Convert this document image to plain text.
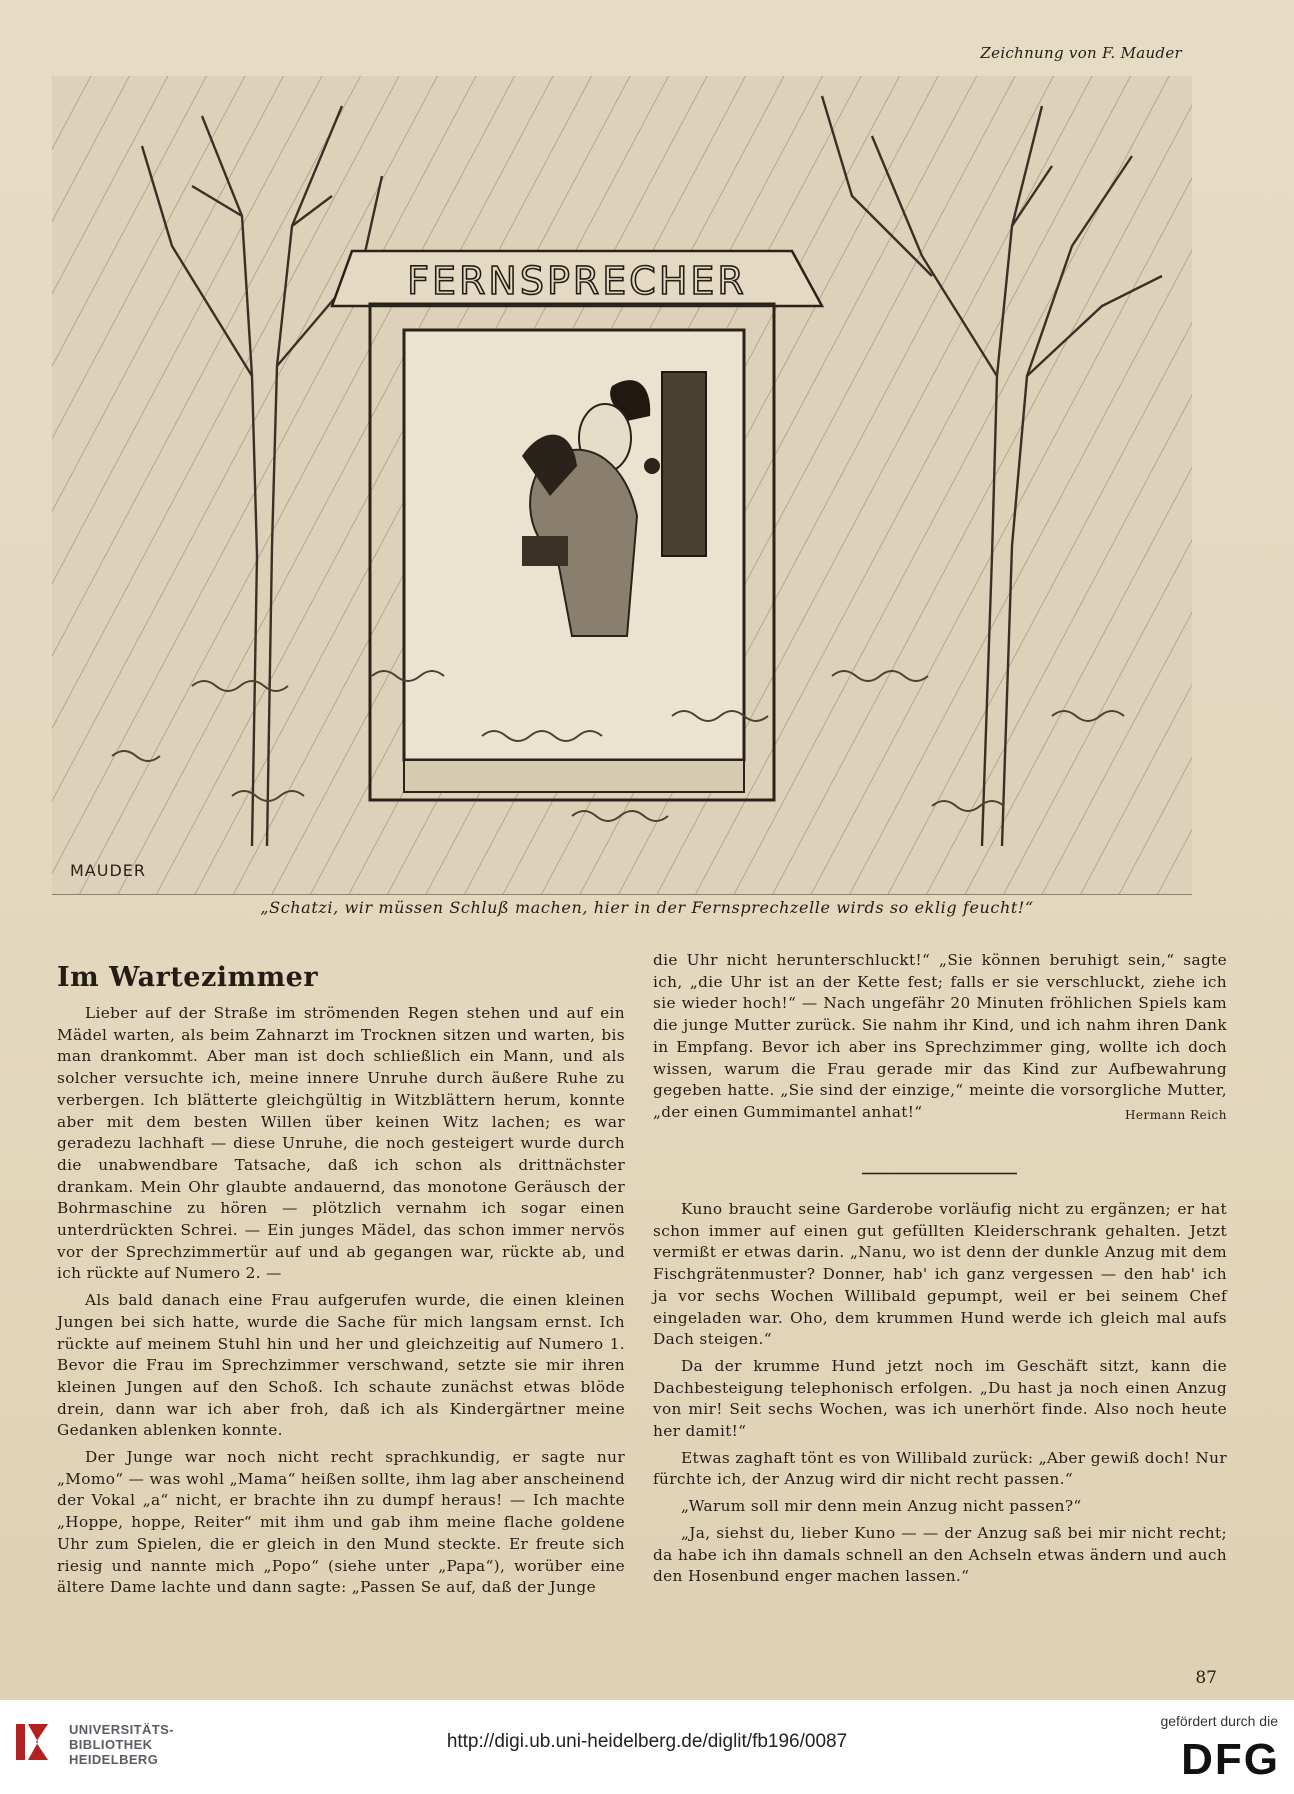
Zeichnung von F. Mauder
FERNSPRECHER
MAUDER
„Schatzi, wir müssen Schluß machen, hier in der Fernsprechzelle wirds so eklig feucht!“
Im Wartezimmer

Lieber auf der Straße im strömenden Regen stehen und auf ein Mädel warten, als beim Zahnarzt im Trocknen sitzen und warten, bis man drankommt. Aber man ist doch schließlich ein Mann, und als solcher versuchte ich, meine innere Unruhe durch äußere Ruhe zu verbergen. Ich blätterte gleichgültig in Witzblättern herum, konnte aber mit dem besten Willen über keinen Witz lachen; es war geradezu lachhaft — diese Unruhe, die noch gesteigert wurde durch die unabwendbare Tatsache, daß ich schon als drittnächster drankam. Mein Ohr glaubte andauernd, das monotone Geräusch der Bohrmaschine zu hören — plötzlich vernahm ich sogar einen unterdrückten Schrei. — Ein junges Mädel, das schon immer nervös vor der Sprechzimmertür auf und ab gegangen war, rückte ab, und ich rückte auf Numero 2. —

Als bald danach eine Frau aufgerufen wurde, die einen kleinen Jungen bei sich hatte, wurde die Sache für mich langsam ernst. Ich rückte auf meinem Stuhl hin und her und gleichzeitig auf Numero 1. Bevor die Frau im Sprechzimmer verschwand, setzte sie mir ihren kleinen Jungen auf den Schoß. Ich schaute zunächst etwas blöde drein, dann war ich aber froh, daß ich als Kindergärtner meine Gedanken ablenken konnte.

Der Junge war noch nicht recht sprachkundig, er sagte nur „Momo“ — was wohl „Mama“ heißen sollte, ihm lag aber anscheinend der Vokal „a“ nicht, er brachte ihn zu dumpf heraus! — Ich machte „Hoppe, hoppe, Reiter“ mit ihm und gab ihm meine flache goldene Uhr zum Spielen, die er gleich in den Mund steckte. Er freute sich riesig und nannte mich „Popo“ (siehe unter „Papa“), worüber eine ältere Dame lachte und dann sagte: „Passen Se auf, daß der Junge

die Uhr nicht herunterschluckt!“ „Sie können beruhigt sein,“ sagte ich, „die Uhr ist an der Kette fest; falls er sie verschluckt, ziehe ich sie wieder hoch!“ — Nach ungefähr 20 Minuten fröhlichen Spiels kam die junge Mutter zurück. Sie nahm ihr Kind, und ich nahm ihren Dank in Empfang. Bevor ich aber ins Sprechzimmer ging, wollte ich doch wissen, warum die Frau gerade mir das Kind zur Aufbewahrung gegeben hatte. „Sie sind der einzige,“ meinte die vorsorgliche Mutter, „der einen Gummimantel anhat!“	Hermann Reich

Kuno braucht seine Garderobe vorläufig nicht zu ergänzen; er hat schon immer auf einen gut gefüllten Kleiderschrank gehalten. Jetzt vermißt er etwas darin. „Nanu, wo ist denn der dunkle Anzug mit dem Fischgrätenmuster? Donner, hab' ich ganz vergessen — den hab' ich ja vor sechs Wochen Willibald gepumpt, weil er bei seinem Chef eingeladen war. Oho, dem krummen Hund werde ich gleich mal aufs Dach steigen.“

Da der krumme Hund jetzt noch im Geschäft sitzt, kann die Dachbesteigung telephonisch erfolgen. „Du hast ja noch einen Anzug von mir! Seit sechs Wochen, was ich unerhört finde. Also noch heute her damit!“

Etwas zaghaft tönt es von Willibald zurück: „Aber gewiß doch! Nur fürchte ich, der Anzug wird dir nicht recht passen.“

„Warum soll mir denn mein Anzug nicht passen?“

„Ja, siehst du, lieber Kuno — — der Anzug saß bei mir nicht recht; da habe ich ihn damals schnell an den Achseln etwas ändern und auch den Hosenbund enger machen lassen.“

87
UNIVERSITÄTS-
BIBLIOTHEK
HEIDELBERG
http://digi.ub.uni-heidelberg.de/diglit/fb196/0087
gefördert durch die
DFG
